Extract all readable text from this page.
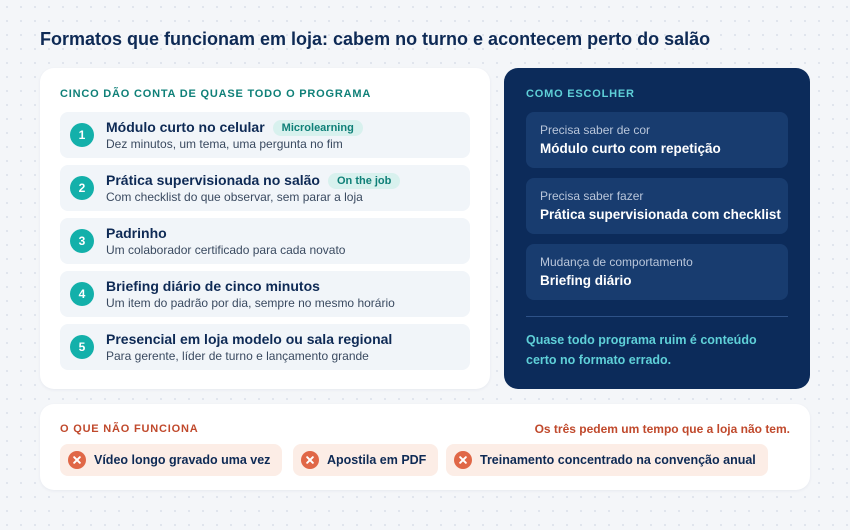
Formatos que funcionam em loja: cabem no turno e acontecem perto do salão
CINCO DÃO CONTA DE QUASE TODO O PROGRAMA
1	Módulo curto no celular Microlearning
Dez minutos, um tema, uma pergunta no fim
2	Prática supervisionada no salão On the job
Com checklist do que observar, sem parar a loja
3	Padrinho
Um colaborador certificado para cada novato
4	Briefing diário de cinco minutos
Um item do padrão por dia, sempre no mesmo horário
5	Presencial em loja modelo ou sala regional
Para gerente, líder de turno e lançamento grande
COMO ESCOLHER
Precisa saber de cor
Módulo curto com repetição
Precisa saber fazer
Prática supervisionada com checklist
Mudança de comportamento
Briefing diário
Quase todo programa ruim é conteúdo certo no formato errado.
O QUE NÃO FUNCIONA	Os três pedem um tempo que a loja não tem.
Vídeo longo gravado uma vez	Apostila em PDF	Treinamento concentrado na convenção anual
